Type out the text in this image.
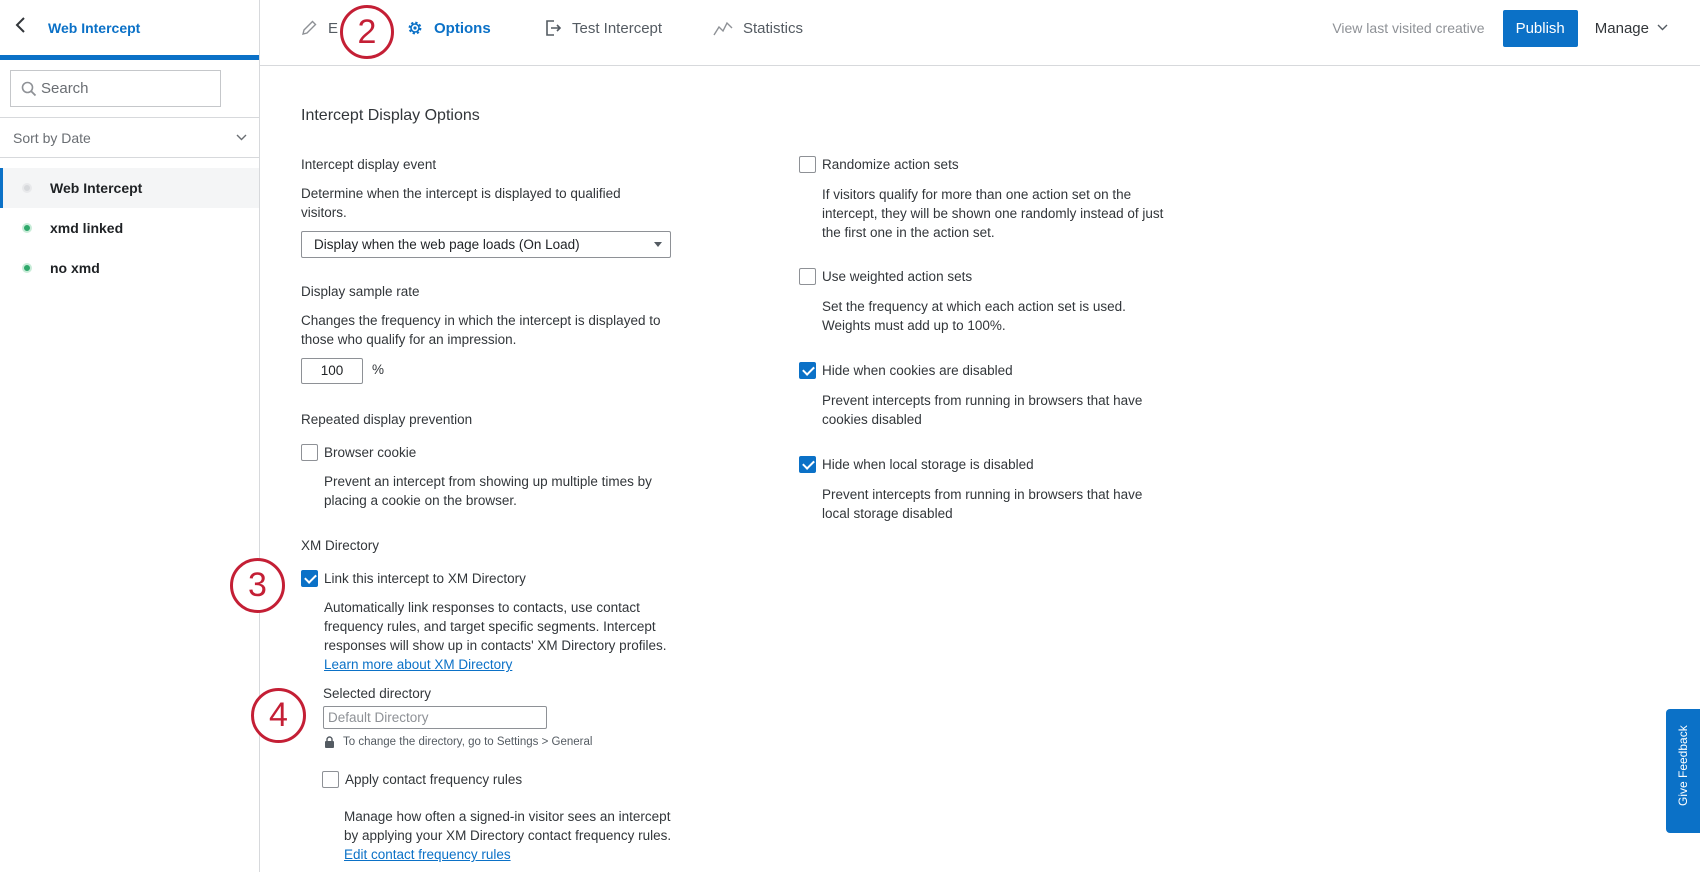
Web Intercept
Search
Sort by Date
Web Intercept
xmd linked
no xmd
E	Options	Test Intercept	Statistics	View last visited creative	Publish	Manage
Intercept Display Options
Intercept display event
Determine when the intercept is displayed to qualified
visitors.
Display when the web page loads (On Load)
Display sample rate
Changes the frequency in which the intercept is displayed to
those who qualify for an impression.
100	%
Repeated display prevention
Browser cookie
Prevent an intercept from showing up multiple times by
placing a cookie on the browser.
XM Directory
Link this intercept to XM Directory
Automatically link responses to contacts, use contact
frequency rules, and target specific segments. Intercept
responses will show up in contacts' XM Directory profiles.
Learn more about XM Directory
Selected directory
Default Directory
To change the directory, go to Settings > General
Apply contact frequency rules
Manage how often a signed-in visitor sees an intercept
by applying your XM Directory contact frequency rules.
Edit contact frequency rules
Randomize action sets
If visitors qualify for more than one action set on the
intercept, they will be shown one randomly instead of just
the first one in the action set.
Use weighted action sets
Set the frequency at which each action set is used.
Weights must add up to 100%.
Hide when cookies are disabled
Prevent intercepts from running in browsers that have
cookies disabled
Hide when local storage is disabled
Prevent intercepts from running in browsers that have
local storage disabled
2
3
4
Give Feedback
